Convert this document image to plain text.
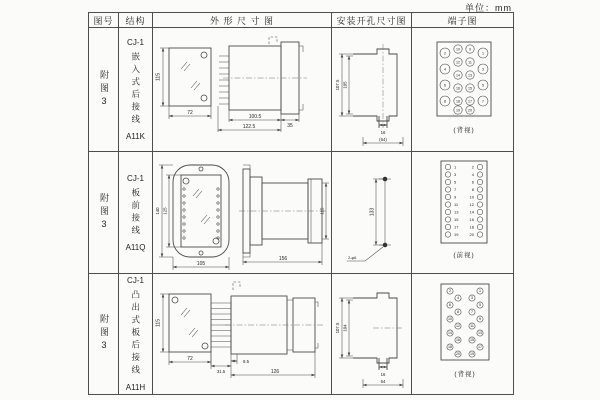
单位：mm
图号	结构	外 形 尺 寸 图	安装开孔尺寸图	端子图

附图3

CJ-1
嵌入式后接线
A11K

115
72
100.5
35
122.5

107.5 105
16
(64)

2
4
6
8
10
12
14
16
18
9
11
13
15
17
1
3
5
7
19 20
(背视)

附图3

CJ-1
板前接线
A11Q

140 125
105
156
115	133
2-φ6

1
3
5
7
9
11
13
15
17
19
2
4
6
8
10
12
14
16
18
20
(前视)

附图3

CJ-1
凸出式板后接线
A11H

115
72
31.5
9.5
126

107.5 104
16
64

2
4
6
8
10
12
14
16
18
20
1
3
5
7
9
11
13
15
17
19
(背视)
